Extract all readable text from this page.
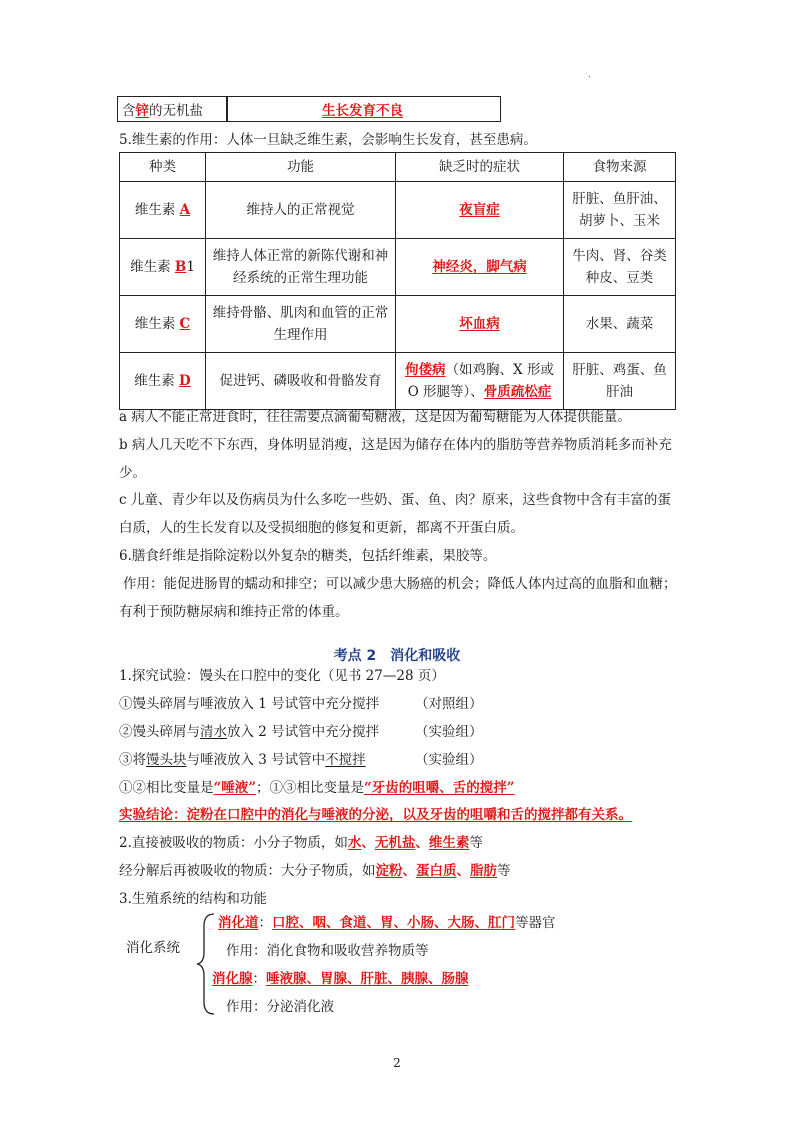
.
含锌的无机盐	生长发育不良
5.维生素的作用：人体一旦缺乏维生素，会影响生长发育，甚至患病。
种类	功能	缺乏时的症状	食物来源
维生素 A	维持人的正常视觉	夜盲症	肝脏、鱼肝油、胡萝卜、玉米
维生素 B1	维持人体正常的新陈代谢和神经系统的正常生理功能	神经炎，脚气病	牛肉、肾、谷类种皮、豆类
维生素 C	维持骨骼、肌肉和血管的正常生理作用	坏血病	水果、蔬菜
维生素 D	促进钙、磷吸收和骨骼发育	佝偻病（如鸡胸、X 形或 O 形腿等）、骨质疏松症	肝脏、鸡蛋、鱼肝油
a 病人不能正常进食时，往往需要点滴葡萄糖液，这是因为葡萄糖能为人体提供能量。
b 病人几天吃不下东西，身体明显消瘦，这是因为储存在体内的脂肪等营养物质消耗多而补充少。
c 儿童、青少年以及伤病员为什么多吃一些奶、蛋、鱼、肉？原来，这些食物中含有丰富的蛋白质，人的生长发育以及受损细胞的修复和更新，都离不开蛋白质。
6.膳食纤维是指除淀粉以外复杂的糖类，包括纤维素，果胶等。
作用：能促进肠胃的蠕动和排空；可以减少患大肠癌的机会；降低人体内过高的血脂和血糖；有利于预防糖尿病和维持正常的体重。
考点 2　消化和吸收
1.探究试验：馒头在口腔中的变化（见书 27—28 页）
①馒头碎屑与唾液放入 1 号试管中充分搅拌	（对照组）
②馒头碎屑与清水放入 2 号试管中充分搅拌	（实验组）
③将馒头块与唾液放入 3 号试管中不搅拌	（实验组）
①②相比变量是“唾液”；①③相比变量是“牙齿的咀嚼、舌的搅拌”
实验结论：淀粉在口腔中的消化与唾液的分泌，以及牙齿的咀嚼和舌的搅拌都有关系。
2.直接被吸收的物质：小分子物质，如水、无机盐、维生素等
经分解后再被吸收的物质：大分子物质，如淀粉、蛋白质、脂肪等
3.生殖系统的结构和功能
消化系统
消化道：口腔、咽、食道、胃、小肠、大肠、肛门等器官
作用：消化食物和吸收营养物质等
消化腺：唾液腺、胃腺、肝脏、胰腺、肠腺
作用：分泌消化液
2
